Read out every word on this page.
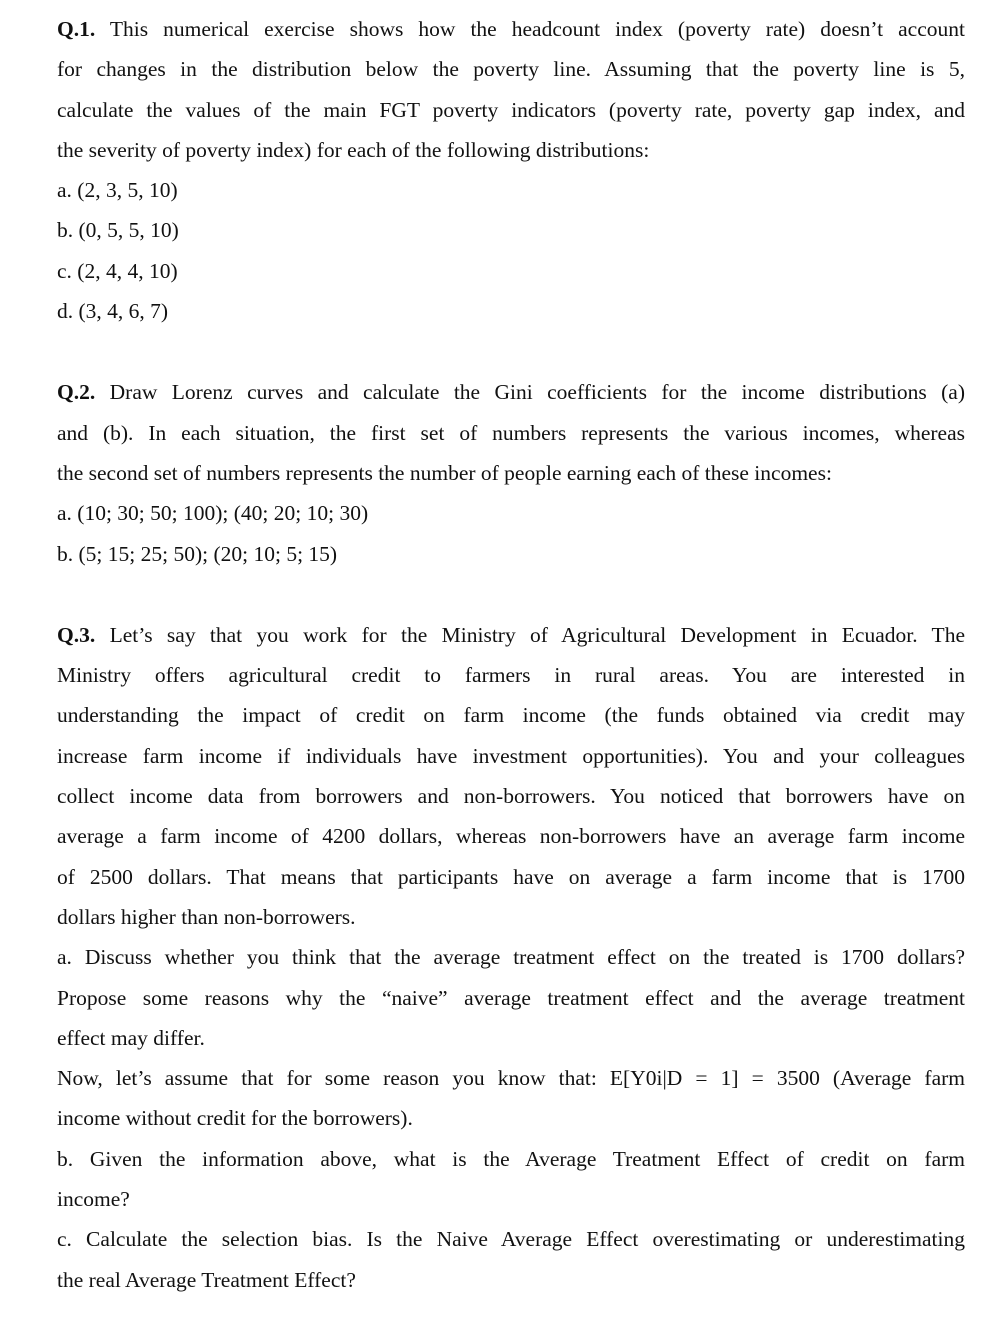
Q.1. This numerical exercise shows how the headcount index (poverty rate) doesn’t account
for changes in the distribution below the poverty line. Assuming that the poverty line is 5,
calculate the values of the main FGT poverty indicators (poverty rate, poverty gap index, and
the severity of poverty index) for each of the following distributions:
a. (2, 3, 5, 10)
b. (0, 5, 5, 10)
c. (2, 4, 4, 10)
d. (3, 4, 6, 7)
Q.2. Draw Lorenz curves and calculate the Gini coefficients for the income distributions (a)
and (b). In each situation, the first set of numbers represents the various incomes, whereas
the second set of numbers represents the number of people earning each of these incomes:
a. (10; 30; 50; 100); (40; 20; 10; 30)
b. (5; 15; 25; 50); (20; 10; 5; 15)
Q.3. Let’s say that you work for the Ministry of Agricultural Development in Ecuador. The
Ministry offers agricultural credit to farmers in rural areas. You are interested in
understanding the impact of credit on farm income (the funds obtained via credit may
increase farm income if individuals have investment opportunities). You and your colleagues
collect income data from borrowers and non-borrowers. You noticed that borrowers have on
average a farm income of 4200 dollars, whereas non-borrowers have an average farm income
of 2500 dollars. That means that participants have on average a farm income that is 1700
dollars higher than non-borrowers.
a. Discuss whether you think that the average treatment effect on the treated is 1700 dollars?
Propose some reasons why the “naive” average treatment effect and the average treatment
effect may differ.
Now, let’s assume that for some reason you know that: E[Y0i|D = 1] = 3500 (Average farm
income without credit for the borrowers).
b. Given the information above, what is the Average Treatment Effect of credit on farm
income?
c. Calculate the selection bias. Is the Naive Average Effect overestimating or underestimating
the real Average Treatment Effect?
